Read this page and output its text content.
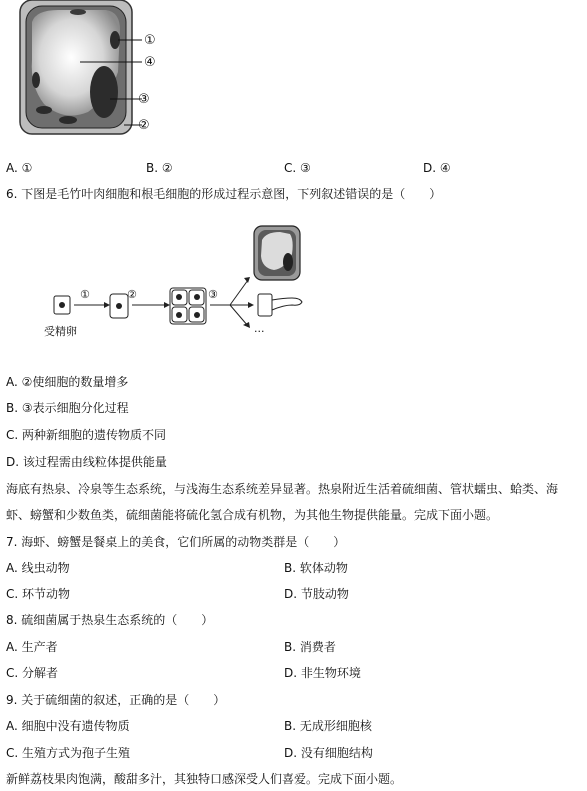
①
④
③
②
A. ①	B. ②	C. ③	D. ④
6. 下图是毛竹叶肉细胞和根毛细胞的形成过程示意图，下列叙述错误的是（　　）
①	②	③
受精卵	···
A. ②使细胞的数量增多
B. ③表示细胞分化过程
C. 两种新细胞的遗传物质不同
D. 该过程需由线粒体提供能量
海底有热泉、冷泉等生态系统，与浅海生态系统差异显著。热泉附近生活着硫细菌、管状蠕虫、蛤类、海
虾、螃蟹和少数鱼类，硫细菌能将硫化氢合成有机物，为其他生物提供能量。完成下面小题。
7. 海虾、螃蟹是餐桌上的美食，它们所属的动物类群是（　　）
A. 线虫动物	B. 软体动物
C. 环节动物	D. 节肢动物
8. 硫细菌属于热泉生态系统的（　　）
A. 生产者	B. 消费者
C. 分解者	D. 非生物环境
9. 关于硫细菌的叙述，正确的是（　　）
A. 细胞中没有遗传物质	B. 无成形细胞核
C. 生殖方式为孢子生殖	D. 没有细胞结构
新鲜荔枝果肉饱满，酸甜多汁，其独特口感深受人们喜爱。完成下面小题。
